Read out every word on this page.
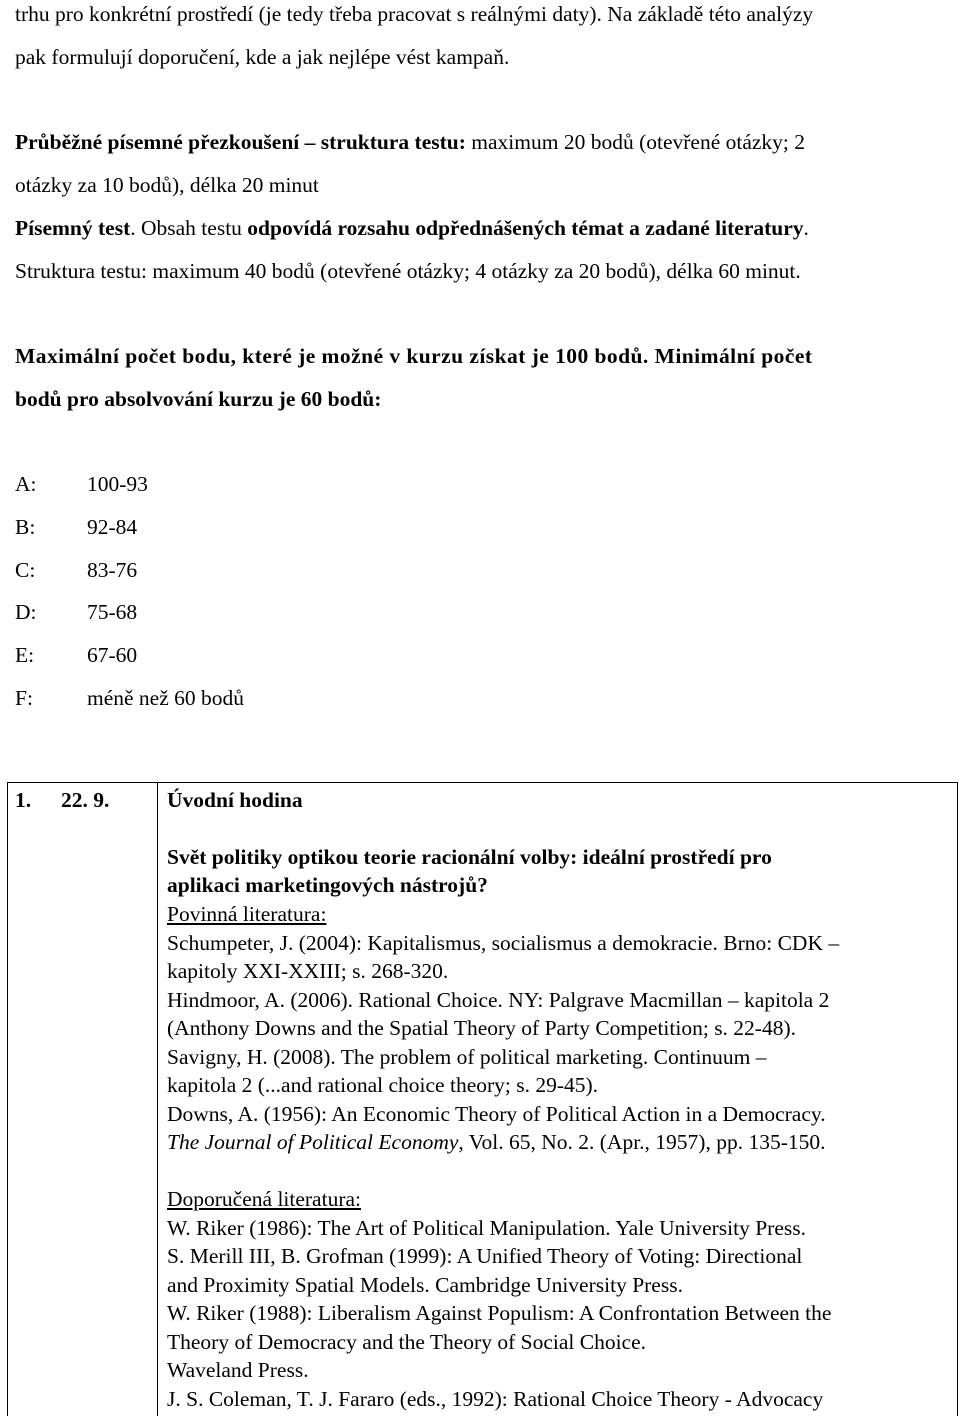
trhu pro konkrétní prostředí (je tedy třeba pracovat s reálnými daty). Na základě této analýzy
pak formulují doporučení, kde a jak nejlépe vést kampaň.
Průběžné písemné přezkoušení – struktura testu: maximum 20 bodů (otevřené otázky; 2
otázky za 10 bodů), délka 20 minut
Písemný test. Obsah testu odpovídá rozsahu odpřednášených témat a zadané literatury.
Struktura testu: maximum 40 bodů (otevřené otázky; 4 otázky za 20 bodů), délka 60 minut.
Maximální počet bodu, které je možné v kurzu získat je 100 bodů. Minimální počet
bodů pro absolvování kurzu je 60 bodů:
A: 100-93
B: 92-84
C: 83-76
D: 75-68
E: 67-60
F:	méně než 60 bodů
1. 22. 9.	Úvodní hodina
Svět politiky optikou teorie racionální volby: ideální prostředí pro
aplikaci marketingových nástrojů?
Povinná literatura:
Schumpeter, J. (2004): Kapitalismus, socialismus a demokracie. Brno: CDK –
kapitoly XXI-XXIII; s. 268-320.
Hindmoor, A. (2006). Rational Choice. NY: Palgrave Macmillan – kapitola 2
(Anthony Downs and the Spatial Theory of Party Competition; s. 22-48).
Savigny, H. (2008). The problem of political marketing. Continuum –
kapitola 2 (...and rational choice theory; s. 29-45).
Downs, A. (1956): An Economic Theory of Political Action in a Democracy.
The Journal of Political Economy, Vol. 65, No. 2. (Apr., 1957), pp. 135-150.
Doporučená literatura:
W. Riker (1986): The Art of Political Manipulation. Yale University Press.
S. Merill III, B. Grofman (1999): A Unified Theory of Voting: Directional
and Proximity Spatial Models. Cambridge University Press.
W. Riker (1988): Liberalism Against Populism: A Confrontation Between the
Theory of Democracy and the Theory of Social Choice.
Waveland Press.
J. S. Coleman, T. J. Fararo (eds., 1992): Rational Choice Theory - Advocacy
